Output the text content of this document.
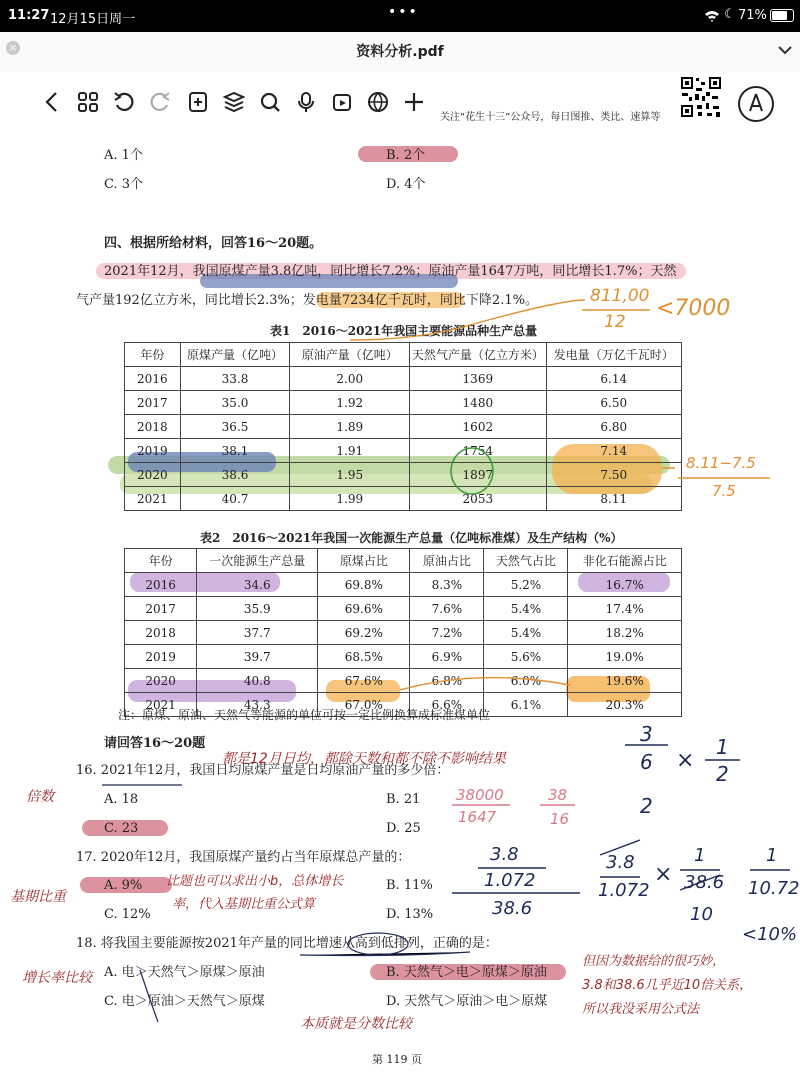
11:27 12月15日周一	•••	☾ 71%
×	资料分析.pdf
关注“花生十三”公众号，每日图推、类比、速算等
A. 1个	B. 2个
C. 3个	D. 4个
四、根据所给材料，回答16～20题。
2021年12月，我国原煤产量3.8亿吨，同比增长7.2%；原油产量1647万吨，同比增长1.7%；天然
气产量192亿立方米，同比增长2.3%；发电量7234亿千瓦时，同比下降2.1%。
表1　2016～2021年我国主要能源品种生产总量
年份	原煤产量（亿吨）	原油产量（亿吨）	天然气产量（亿立方米）	发电量（万亿千瓦时）
2016	33.8	2.00	1369	6.14
2017	35.0	1.92	1480	6.50
2018	36.5	1.89	1602	6.80
2019	38.1	1.91	1754	7.14
2020	38.6	1.95	1897	7.50
2021	40.7	1.99	2053	8.11
表2　2016～2021年我国一次能源生产总量（亿吨标准煤）及生产结构（%）
年份	一次能源生产总量	原煤占比	原油占比	天然气占比	非化石能源占比
2016	34.6	69.8%	8.3%	5.2%	16.7%
2017	35.9	69.6%	7.6%	5.4%	17.4%
2018	37.7	69.2%	7.2%	5.4%	18.2%
2019	39.7	68.5%	6.9%	5.6%	19.0%
2020	40.8	67.6%	6.8%	6.0%	19.6%
2021	43.3	67.0%	6.6%	6.1%	20.3%
注：原煤、原油、天然气等能源的单位可按一定比例换算成标准煤单位
请回答16～20题
16. 2021年12月，我国日均原煤产量是日均原油产量的多少倍：
A. 18	B. 21
C. 23	D. 25
17. 2020年12月，我国原煤产量约占当年原煤总产量的：
A. 9%	B. 11%
C. 12%	D. 13%
18. 将我国主要能源按2021年产量的同比增速从高到低排列，正确的是：
A. 电＞天然气＞原煤＞原油	B. 天然气＞电＞原煤＞原油
C. 电＞原油＞天然气＞原煤	D. 天然气＞原油＞电＞原煤
第 119 页
811,00
12
<7000
8.11−7.5
7.5
都是12月日均，都除天数和都不除不影响结果
倍数
基期比重
比题也可以求出小b，总体增长
率，代入基期比重公式算
增长率比较
本质就是分数比较
但因为数据给的很巧妙，
3.8和38.6几乎近10倍关系，
所以我没采用公式法
3
6 ×
1
2
2
38000
1647
38
16
3.8
1.072
38.6
3.8
1.072
×
1
38.6
10
1
10.72
<10%
